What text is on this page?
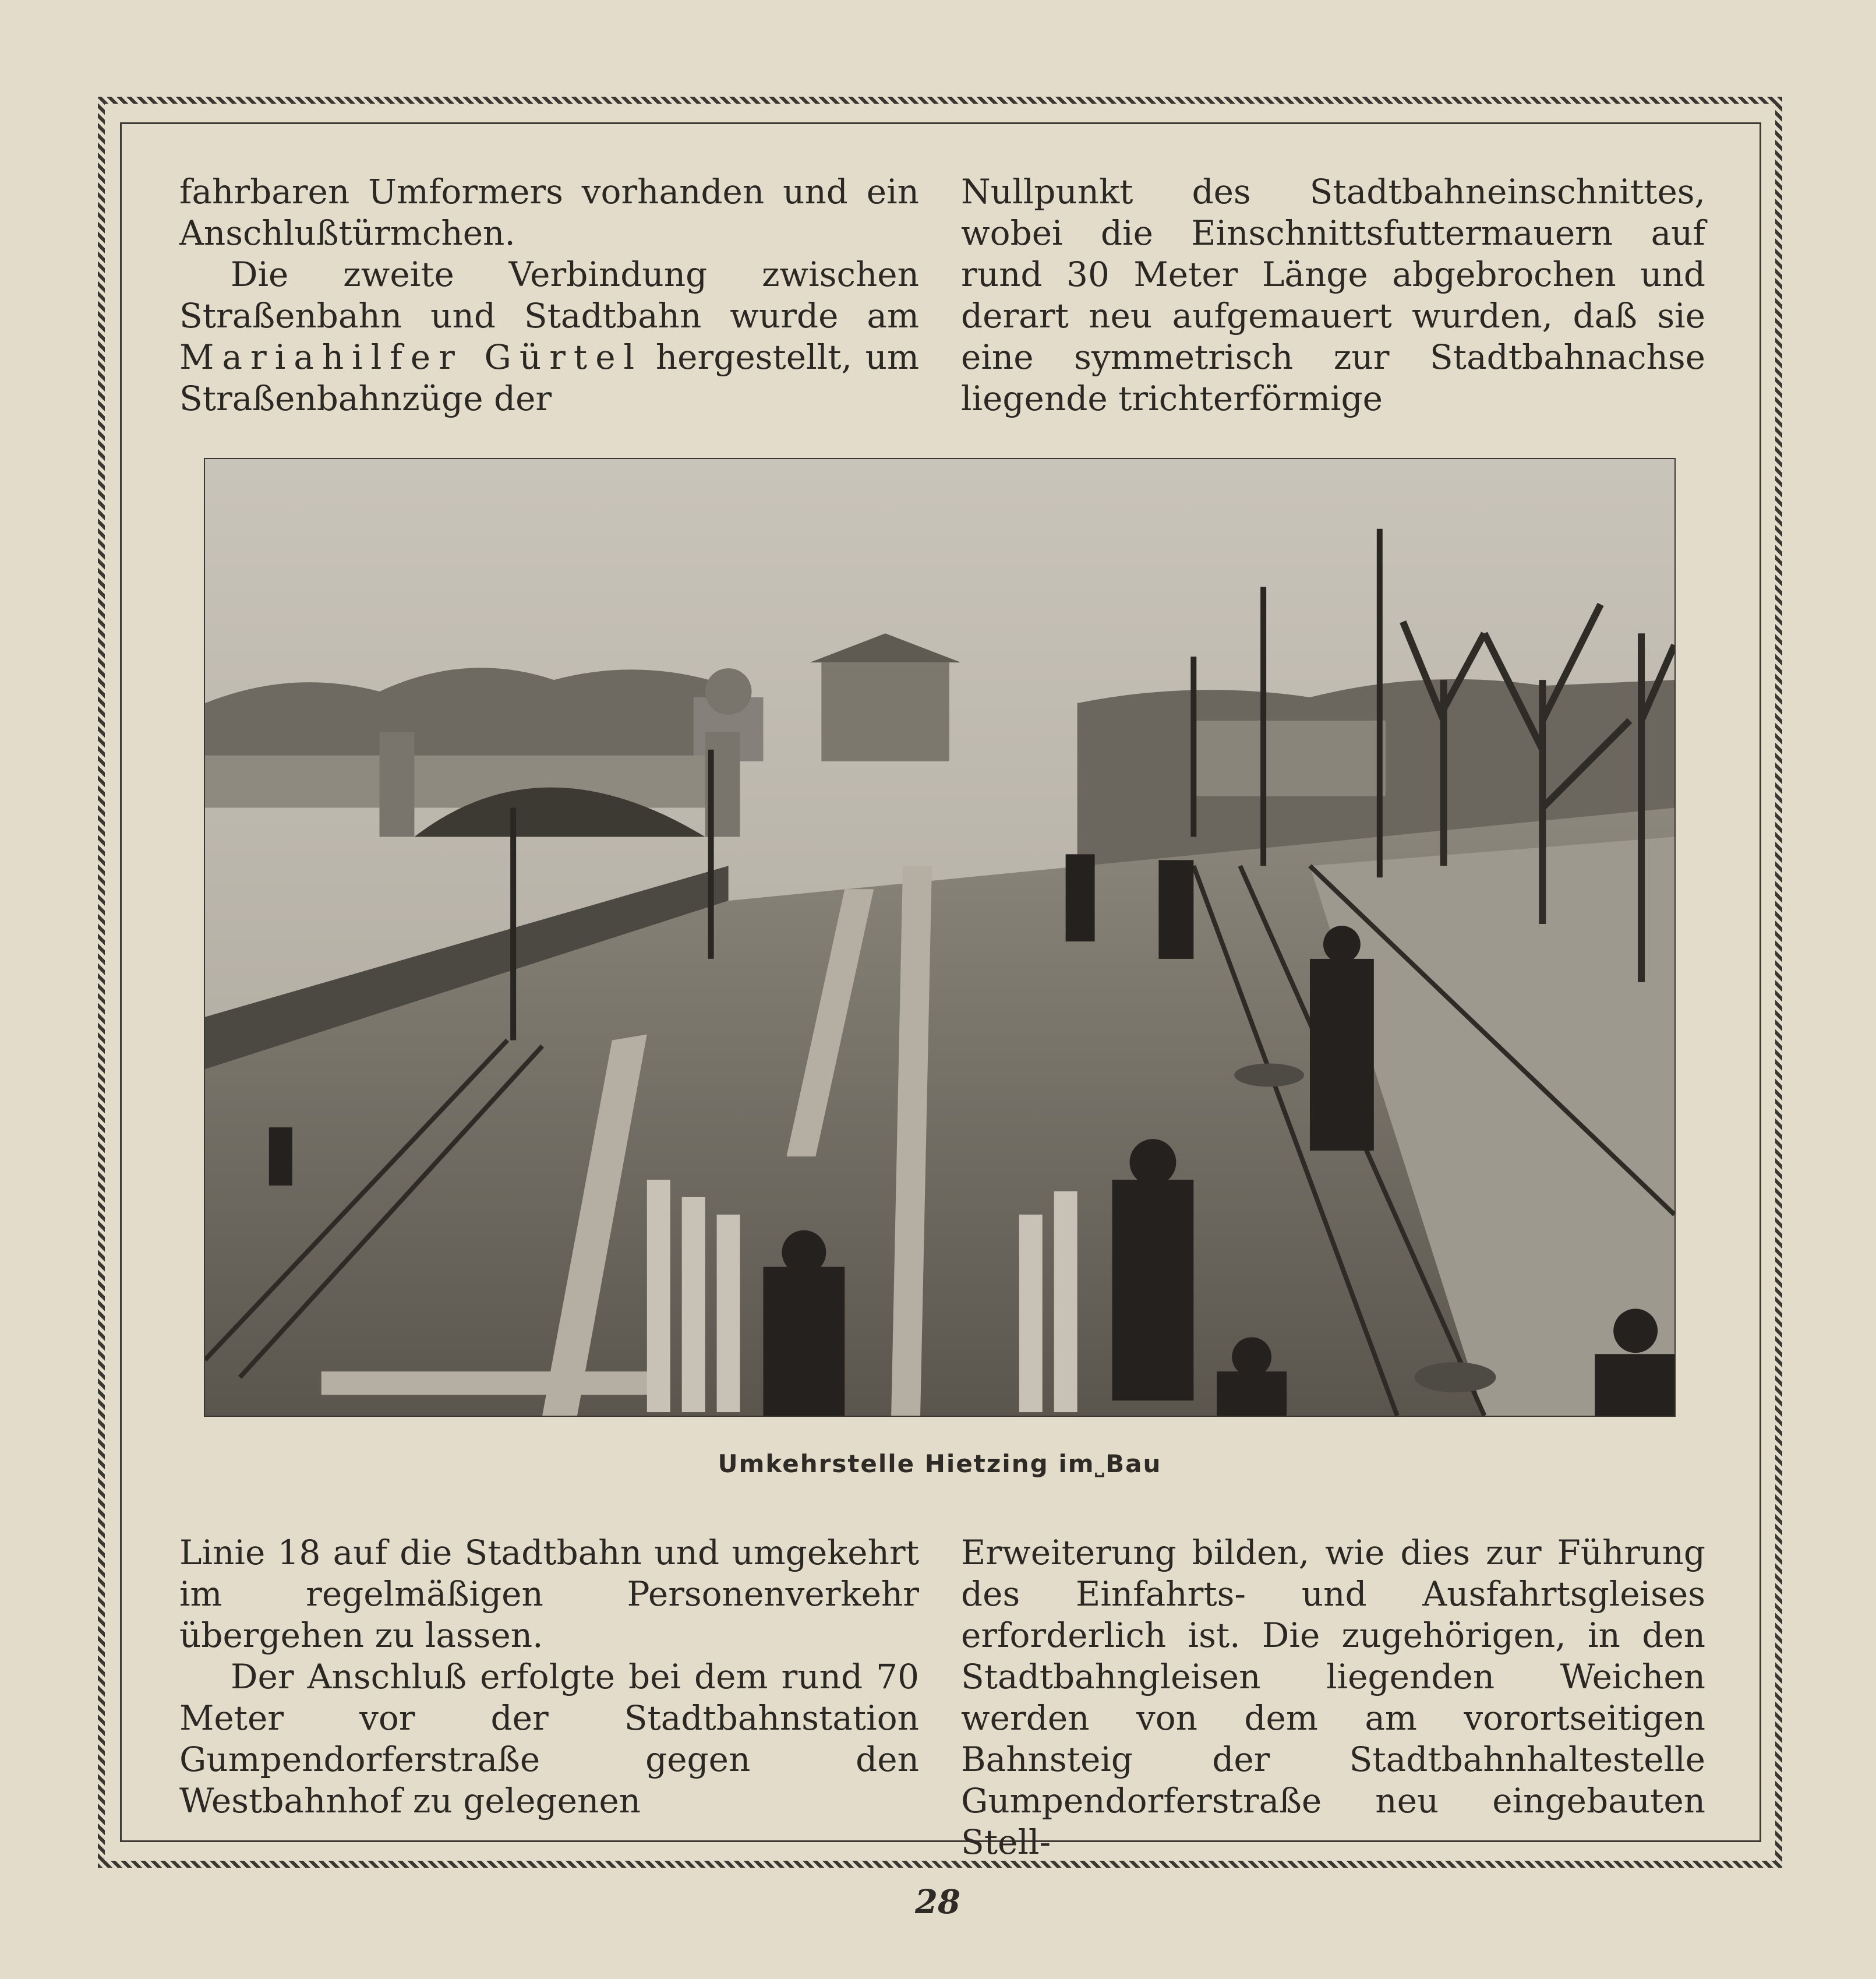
fahrbaren Umformers vorhanden und ein Anschlußtürmchen.

Die zweite Verbindung zwischen Straßenbahn und Stadtbahn wurde am Mariahilfer Gürtel hergestellt, um Straßenbahnzüge der

Nullpunkt des Stadtbahneinschnittes, wobei die Einschnittsfuttermauern auf rund 30 Meter Länge abgebrochen und derart neu aufgemauert wurden, daß sie eine symmetrisch zur Stadtbahnachse liegende trichterförmige

Umkehrstelle Hietzing im˽Bau

Linie 18 auf die Stadtbahn und umgekehrt im regelmäßigen Personenverkehr übergehen zu lassen.

Der Anschluß erfolgte bei dem rund 70 Meter vor der Stadtbahnstation Gumpendorferstraße gegen den Westbahnhof zu gelegenen

Erweiterung bilden, wie dies zur Führung des Einfahrts- und Ausfahrtsgleises erforderlich ist. Die zugehörigen, in den Stadtbahngleisen liegenden Weichen werden von dem am vorortseitigen Bahnsteig der Stadtbahnhaltestelle Gumpendorferstraße neu eingebauten Stell-

28
